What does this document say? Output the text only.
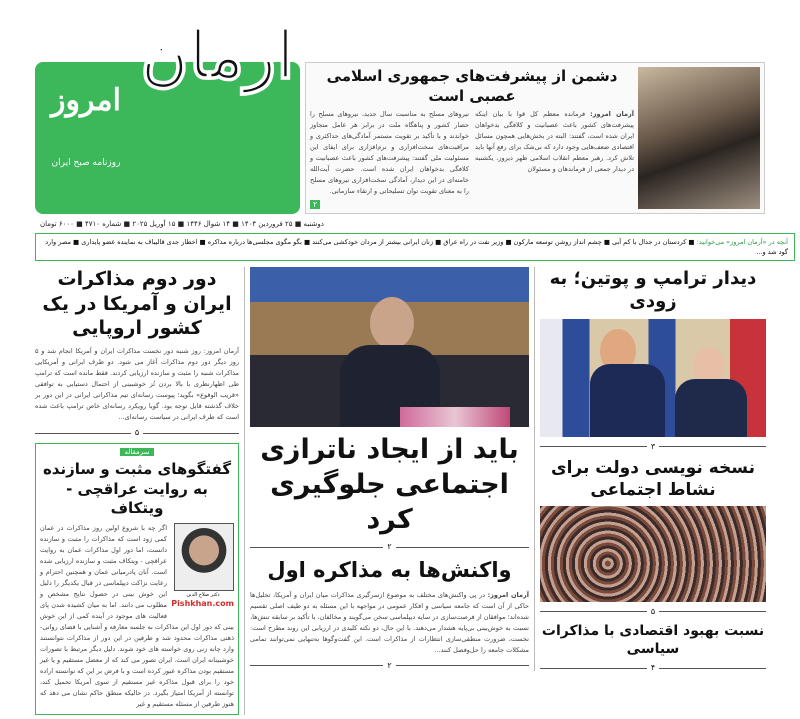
امروز
روزنامه صبح ایران
آرمان	دشمن از پیشرفت‌های جمهوری اسلامی عصبی است
آرمان امروز: فرمانده معظم کل قوا با بیان اینکه پیشرفت‌های کشور باعث عصبانیت و کلافگی بدخواهان ایران شده است، گفتند: البته در بخش‌هایی همچون مسائل اقتصادی ضعف‌هایی وجود دارد که بی‌شک برای رفع آنها باید تلاش کرد. رهبر معظم انقلاب اسلامی ظهر دیروز، یکشنبه در دیدار جمعی از فرماندهان و مسئولان
نیروهای مسلح به مناسبت سال جدید، نیروهای مسلح را حصار کشور و پناهگاه ملت در برابر هر عامل متجاوز خواندند و با تأکید بر تقویت مستمر آمادگی‌های حداکثری و مراقبت‌های سخت‌افزاری و نرم‌افزاری برای ایفای این مسئولیت ملی گفتند: پیشرفت‌های کشور باعث عصبانیت و کلافگی بدخواهان ایران شده است. حضرت آیت‌الله خامنه‌ای در این دیدار، آمادگی سخت‌افزاری نیروهای مسلح را به معنای تقویت توان تسلیحاتی و ارتقاء سازمانی.
۲
دوشنبه ■ ۲۵ فروردین ۱۴۰۴ ■ ۱۴ شوال ۱۴۴۶ ■ ۱۵ آوریل ۲۰۲۵ ■ شماره ۴۷۱۰ ■ ۶۰۰۰ تومان
آنچه در «آرمان امروز» می‌خوانید: ■ کردستان در جدال با کم آبی ■ چشم انداز روشن توسعه مارکون ■ وزیر نفت در راه عراق ■ زنان ایرانی بیشتر از مردان خودکشی می‌کنند ■ بگو مگوی مجلسی‌ها درباره مذاکره ■ اخطار جدی قالیباف به نماینده عضو پایداری ■ مصر وارد گود شد و...
دور دوم مذاکرات ایران و آمریکا در یک کشور اروپایی
آرمان امروز: روز شنبه دور نخست مذاکرات ایران و آمریکا انجام شد و ۵ روز دیگر دور دوم مذاکرات آغاز می شود. دو طرف ایرانی و آمریکایی مذاکرات شنبه را مثبت و سازنده ارزیابی کردند. فقط مانده است که ترامپ طی اظهارنظری با بالا بردن تُز خوشبینی از احتمال دستیابی به توافقی «قریب الوقوع» بگوید؛ پیوست رسانه‌ای تیم مذاکراتی ایرانی در این دور بر خلاف گذشته قابل توجه بود. گویا رویکرد رسانه‌ای خاص ترامپ باعث شده است که طرف ایرانی در سیاست رسانه‌ای...
۵
سرمقاله
گفتگوهای مثبت و سازنده به روایت عراقچی - ویتکاف
دکتر صلاح الدین
Pishkhan.com
اگر چه با شروع اولین روز مذاکرات در عمان کمی زود است که مذاکرات را مثبت و سازنده دانست، اما دور اول مذاکرات عمان به روایت عراقچی - ویتکاف مثبت و سازنده ارزیابی شده است. آنان پادرمیانی عمان و همچنین احترام و رعایت نزاکت دیپلماسی در قبال یکدیگر را دلیل این خوش بینی در حصول نتایج مشخص و مطلوب می دانند. اما به میان کشیده شدن پای فعالیت های موجود در آینده کمی از این خوش بینی که دور اول این مذاکرات به جلسه معارفه و آشنایی با فضای روانی- ذهنی مذاکرات محدود شد و طرفین در این دور از مذاکرات نتوانستند وارد چانه زنی روی خواسته های خود شوند. دلیل دیگر مرتبط با تصورات خوشبینانه ایران است. ایران تصور می کند که از معضل مستقیم و یا غیر مستقیم بودن مذاکره عبور کرده است و با فرض بر این که توانسته اراده خود را برای قبول مذاکره غیر مستقیم از سوی آمریکا تحمیل کند، توانسته از آمریکا امتیاز بگیرد. در حالیکه منطق حاکم نشان می دهد که هنوز طرفین از مسئله مستقیم و غیر
باید از ایجاد ناترازی اجتماعی جلوگیری کرد
۲
واکنش‌ها به مذاکره اول
آرمان امروز: در پی واکنش‌های مختلف به موضوع ازسرگیری مذاکرات میان ایران و آمریکا، تحلیل‌ها حاکی از آن است که جامعه سیاسی و افکار عمومی در مواجهه با این مسئله به دو طیف اصلی تقسیم شده‌اند؛ موافقان از فرصت‌سازی در سایه دیپلماسی سخن می‌گویند و مخالفان، با تأکید بر سابقه تنش‌ها، نسبت به خوش‌بینی بی‌پایه هشدار می‌دهند. با این حال، دو نکته کلیدی در ارزیابی این روند مطرح است: نخست، ضرورت منطقی‌سازی انتظارات از مذاکرات است. این گفت‌وگوها به‌تنهایی نمی‌توانند تمامی مشکلات جامعه را حل‌وفصل کنند...
۲
دیدار ترامپ و پوتین؛ به زودی
۳
نسخه نویسی دولت برای نشاط اجتماعی
۵
نسبت بهبود اقتصادی با مذاکرات سیاسی
۴
